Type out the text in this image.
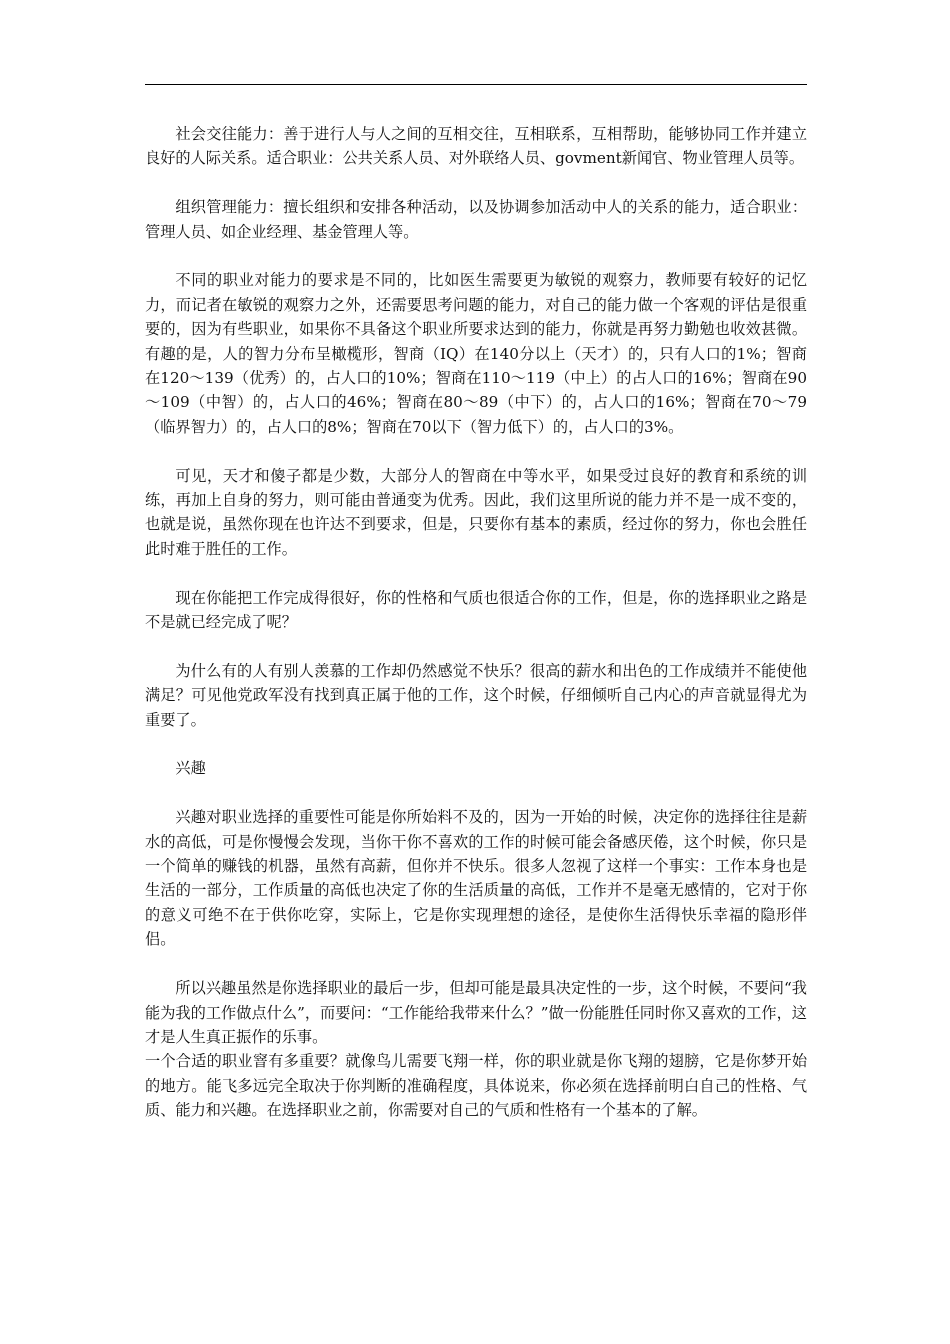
社会交往能力：善于进行人与人之间的互相交往，互相联系，互相帮助，能够协同工作并建立良好的人际关系。适合职业：公共关系人员、对外联络人员、govment新闻官、物业管理人员等。

组织管理能力：擅长组织和安排各种活动，以及协调参加活动中人的关系的能力，适合职业：管理人员、如企业经理、基金管理人等。

不同的职业对能力的要求是不同的，比如医生需要更为敏锐的观察力，教师要有较好的记忆力，而记者在敏锐的观察力之外，还需要思考问题的能力，对自己的能力做一个客观的评估是很重要的，因为有些职业，如果你不具备这个职业所要求达到的能力，你就是再努力勤勉也收效甚微。有趣的是，人的智力分布呈橄榄形，智商（IQ）在140分以上（天才）的，只有人口的1%；智商在120～139（优秀）的，占人口的10%；智商在110～119（中上）的占人口的16%；智商在90～109（中智）的，占人口的46%；智商在80～89（中下）的，占人口的16%；智商在70～79（临界智力）的，占人口的8%；智商在70以下（智力低下）的，占人口的3%。

可见，天才和傻子都是少数，大部分人的智商在中等水平，如果受过良好的教育和系统的训练，再加上自身的努力，则可能由普通变为优秀。因此，我们这里所说的能力并不是一成不变的，也就是说，虽然你现在也许达不到要求，但是，只要你有基本的素质，经过你的努力，你也会胜任此时难于胜任的工作。

现在你能把工作完成得很好，你的性格和气质也很适合你的工作，但是，你的选择职业之路是不是就已经完成了呢？

为什么有的人有别人羡慕的工作却仍然感觉不快乐？很高的薪水和出色的工作成绩并不能使他满足？可见他党政军没有找到真正属于他的工作，这个时候，仔细倾听自己内心的声音就显得尤为重要了。

兴趣

兴趣对职业选择的重要性可能是你所始料不及的，因为一开始的时候，决定你的选择往往是薪水的高低，可是你慢慢会发现，当你干你不喜欢的工作的时候可能会备感厌倦，这个时候，你只是一个简单的赚钱的机器，虽然有高薪，但你并不快乐。很多人忽视了这样一个事实：工作本身也是生活的一部分，工作质量的高低也决定了你的生活质量的高低，工作并不是毫无感情的，它对于你的意义可绝不在于供你吃穿，实际上，它是你实现理想的途径，是使你生活得快乐幸福的隐形伴侣。

所以兴趣虽然是你选择职业的最后一步，但却可能是最具决定性的一步，这个时候，不要问“我能为我的工作做点什么”，而要问：“工作能给我带来什么？”做一份能胜任同时你又喜欢的工作，这才是人生真正振作的乐事。

一个合适的职业窨有多重要？就像鸟儿需要飞翔一样，你的职业就是你飞翔的翅膀，它是你梦开始的地方。能飞多远完全取决于你判断的准确程度，具体说来，你必须在选择前明白自己的性格、气质、能力和兴趣。在选择职业之前，你需要对自己的气质和性格有一个基本的了解。
